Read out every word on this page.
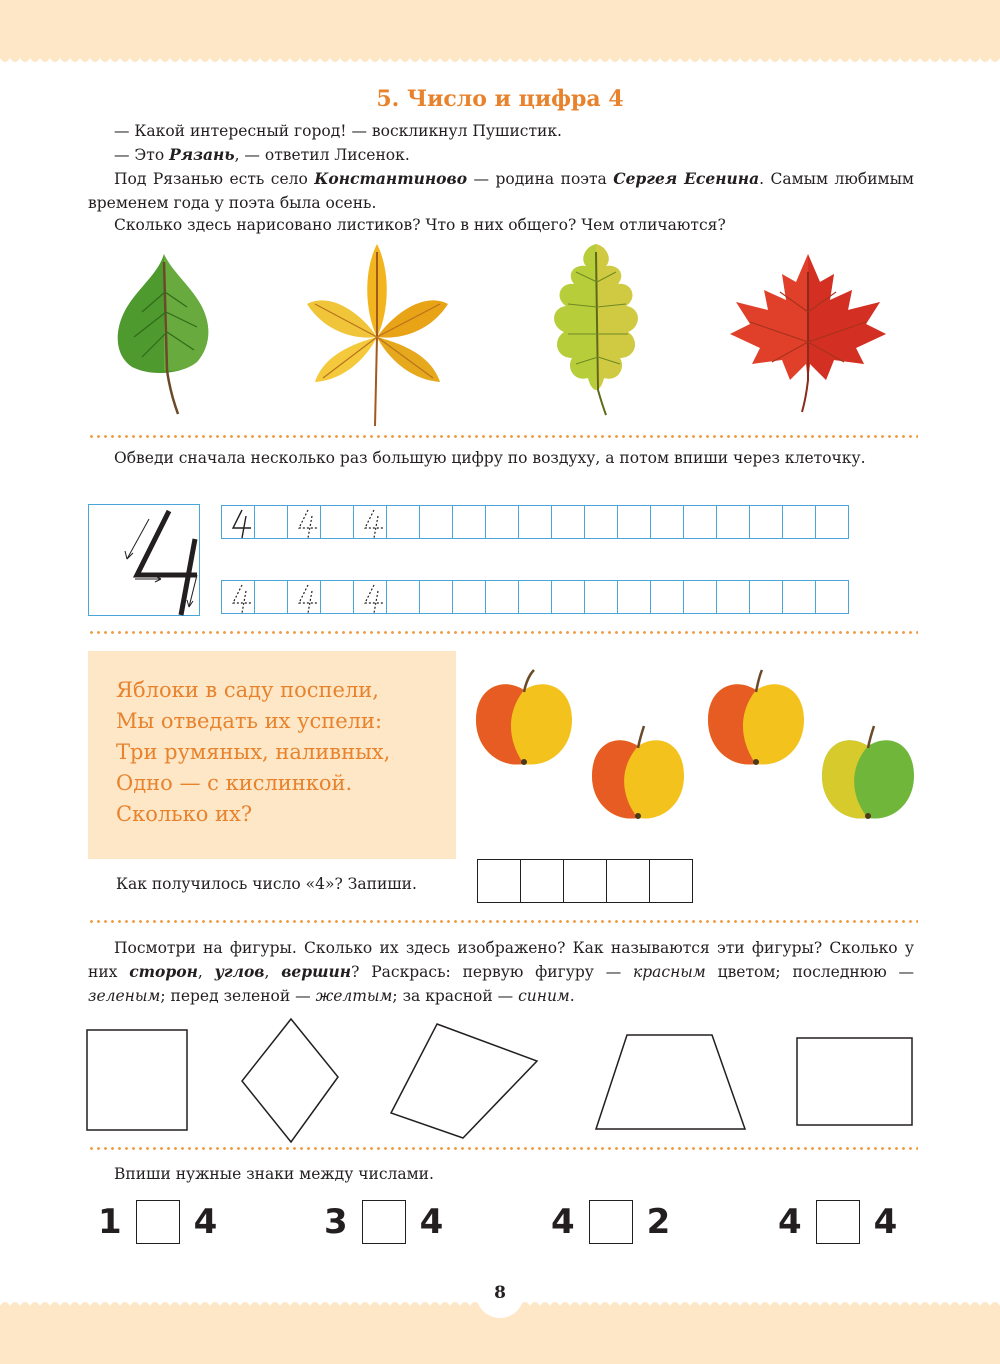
5. Число и цифра 4
— Какой интересный город! — воскликнул Пушистик.
— Это Рязань, — ответил Лисенок.
Под Рязанью есть село Константиново — родина поэта Сергея Есенина. Самым любимым временем года у поэта была осень.
Сколько здесь нарисовано листиков? Что в них общего? Чем отличаются?
Обведи сначала несколько раз большую цифру по воздуху, а потом впиши через клеточку.
Яблоки в саду поспели,
Мы отведать их успели:
Три румяных, наливных,
Одно — с кислинкой.
Сколько их?
Как получилось число «4»? Запиши.
Посмотри на фигуры. Сколько их здесь изображено? Как называются эти фигуры? Сколько у них сторон, углов, вершин? Раскрась: первую фигуру — красным цветом; последнюю — зеленым; перед зеленой — желтым; за красной — синим.
Впиши нужные знаки между числами.
1 4	3 4	4 2	4 4
8
